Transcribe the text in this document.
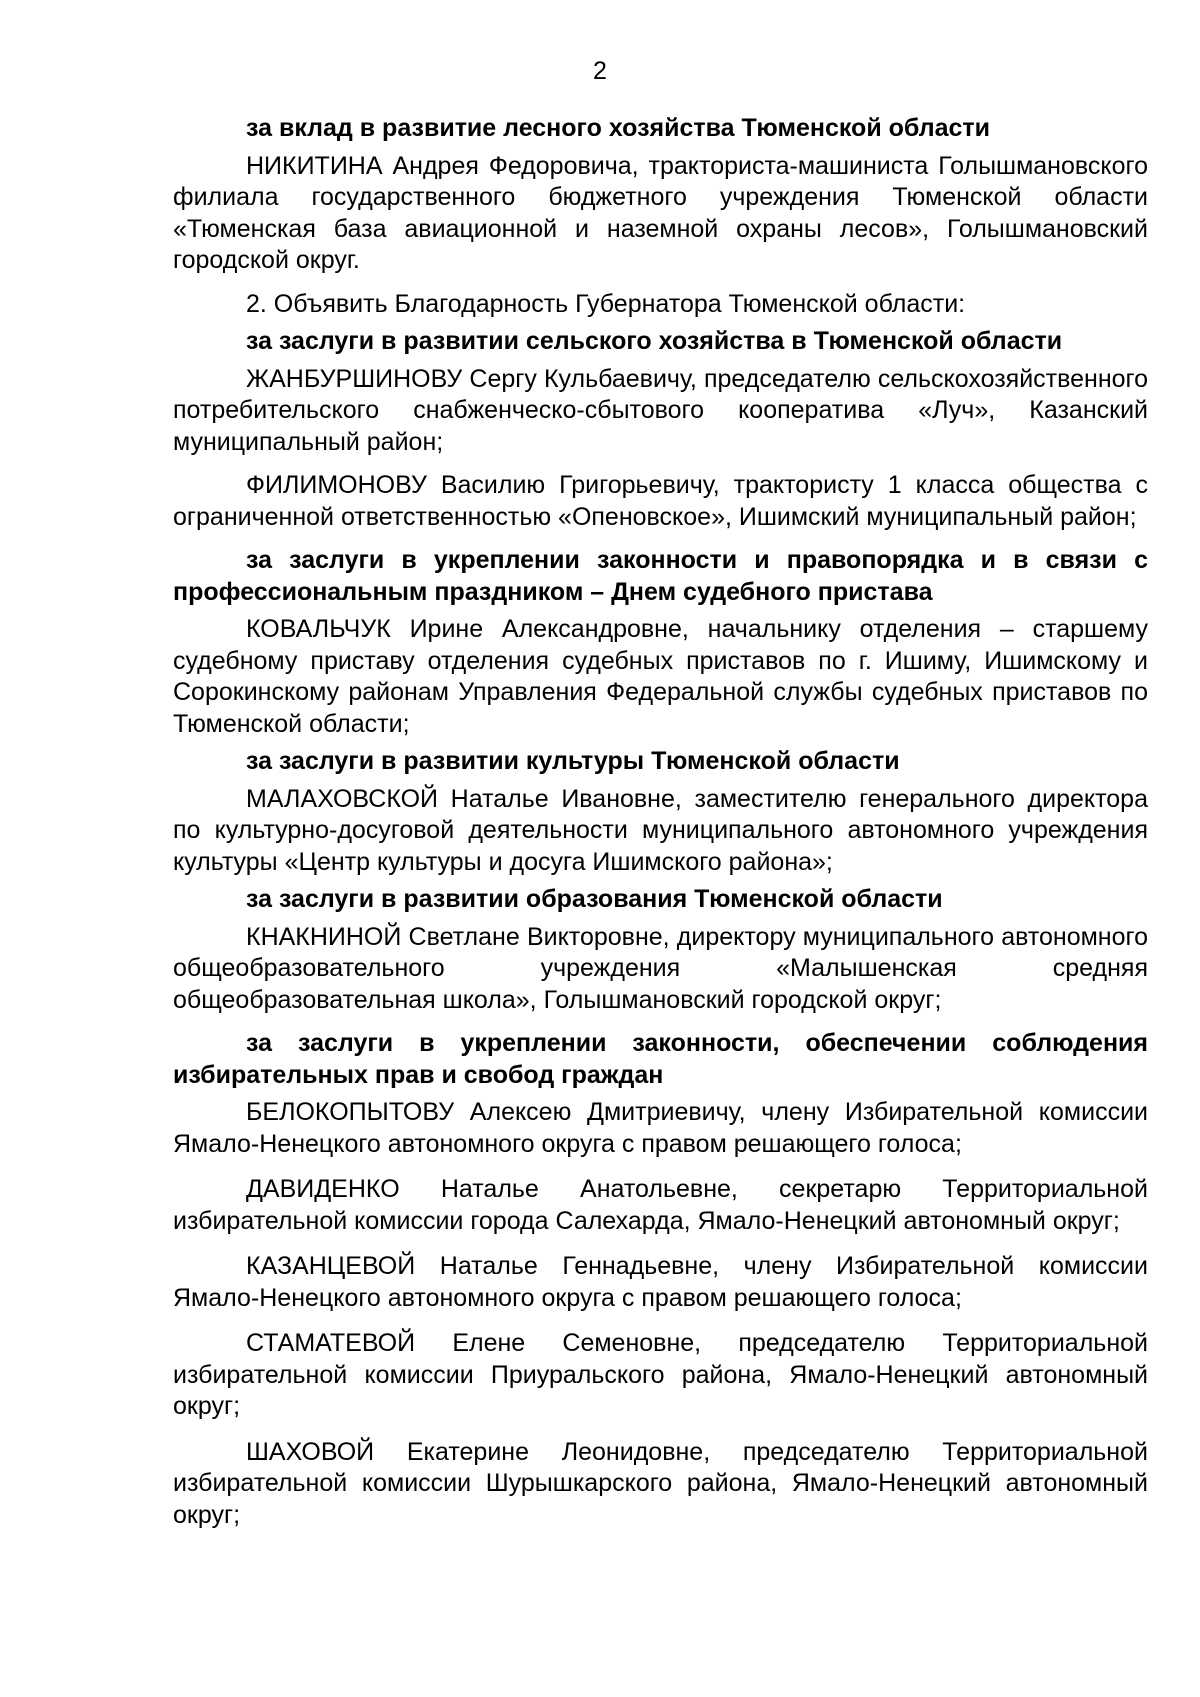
2

за вклад в развитие лесного хозяйства Тюменской области

НИКИТИНА Андрея Федоровича, тракториста-машиниста Голышмановского филиала государственного бюджетного учреждения Тюменской области «Тюменская база авиационной и наземной охраны лесов», Голышмановский городской округ.

2. Объявить Благодарность Губернатора Тюменской области:

за заслуги в развитии сельского хозяйства в Тюменской области

ЖАНБУРШИНОВУ Сергу Кульбаевичу, председателю сельскохозяйственного потребительского снабженческо-сбытового кооператива «Луч», Казанский муниципальный район;

ФИЛИМОНОВУ Василию Григорьевичу, трактористу 1 класса общества с ограниченной ответственностью «Опеновское», Ишимский муниципальный район;

за заслуги в укреплении законности и правопорядка и в связи с профессиональным праздником – Днем судебного пристава

КОВАЛЬЧУК Ирине Александровне, начальнику отделения – старшему судебному приставу отделения судебных приставов по г. Ишиму, Ишимскому и Сорокинскому районам Управления Федеральной службы судебных приставов по Тюменской области;

за заслуги в развитии культуры Тюменской области

МАЛАХОВСКОЙ Наталье Ивановне, заместителю генерального директора по культурно-досуговой деятельности муниципального автономного учреждения культуры «Центр культуры и досуга Ишимского района»;

за заслуги в развитии образования Тюменской области

КНАКНИНОЙ Светлане Викторовне, директору муниципального автономного общеобразовательного учреждения «Малышенская средняя общеобразовательная школа», Голышмановский городской округ;

за заслуги в укреплении законности, обеспечении соблюдения избирательных прав и свобод граждан

БЕЛОКОПЫТОВУ Алексею Дмитриевичу, члену Избирательной комиссии Ямало-Ненецкого автономного округа с правом решающего голоса;

ДАВИДЕНКО Наталье Анатольевне, секретарю Территориальной избирательной комиссии города Салехарда, Ямало-Ненецкий автономный округ;

КАЗАНЦЕВОЙ Наталье Геннадьевне, члену Избирательной комиссии Ямало-Ненецкого автономного округа с правом решающего голоса;

СТАМАТЕВОЙ Елене Семеновне, председателю Территориальной избирательной комиссии Приуральского района, Ямало-Ненецкий автономный округ;

ШАХОВОЙ Екатерине Леонидовне, председателю Территориальной избирательной комиссии Шурышкарского района, Ямало-Ненецкий автономный округ;
